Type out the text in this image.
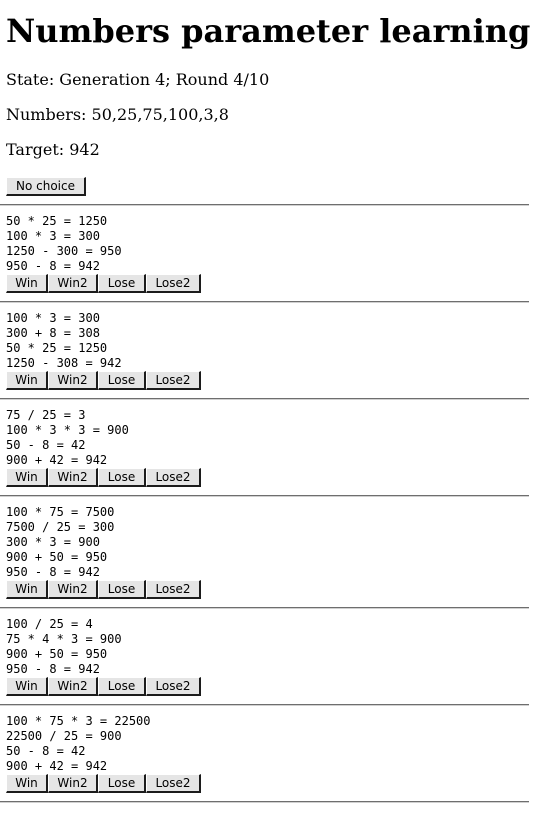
Numbers parameter learning

State: Generation 4; Round 4/10

Numbers: 50,25,75,100,3,8

Target: 942

No choice
50 * 25 = 1250
100 * 3 = 300
1250 - 300 = 950
950 - 8 = 942
Win	Win2	Lose	Lose2
100 * 3 = 300
300 + 8 = 308
50 * 25 = 1250
1250 - 308 = 942
Win	Win2	Lose	Lose2
75 / 25 = 3
100 * 3 * 3 = 900
50 - 8 = 42
900 + 42 = 942
Win	Win2	Lose	Lose2
100 * 75 = 7500
7500 / 25 = 300
300 * 3 = 900
900 + 50 = 950
950 - 8 = 942
Win	Win2	Lose	Lose2
100 / 25 = 4
75 * 4 * 3 = 900
900 + 50 = 950
950 - 8 = 942
Win	Win2	Lose	Lose2
100 * 75 * 3 = 22500
22500 / 25 = 900
50 - 8 = 42
900 + 42 = 942
Win	Win2	Lose	Lose2
